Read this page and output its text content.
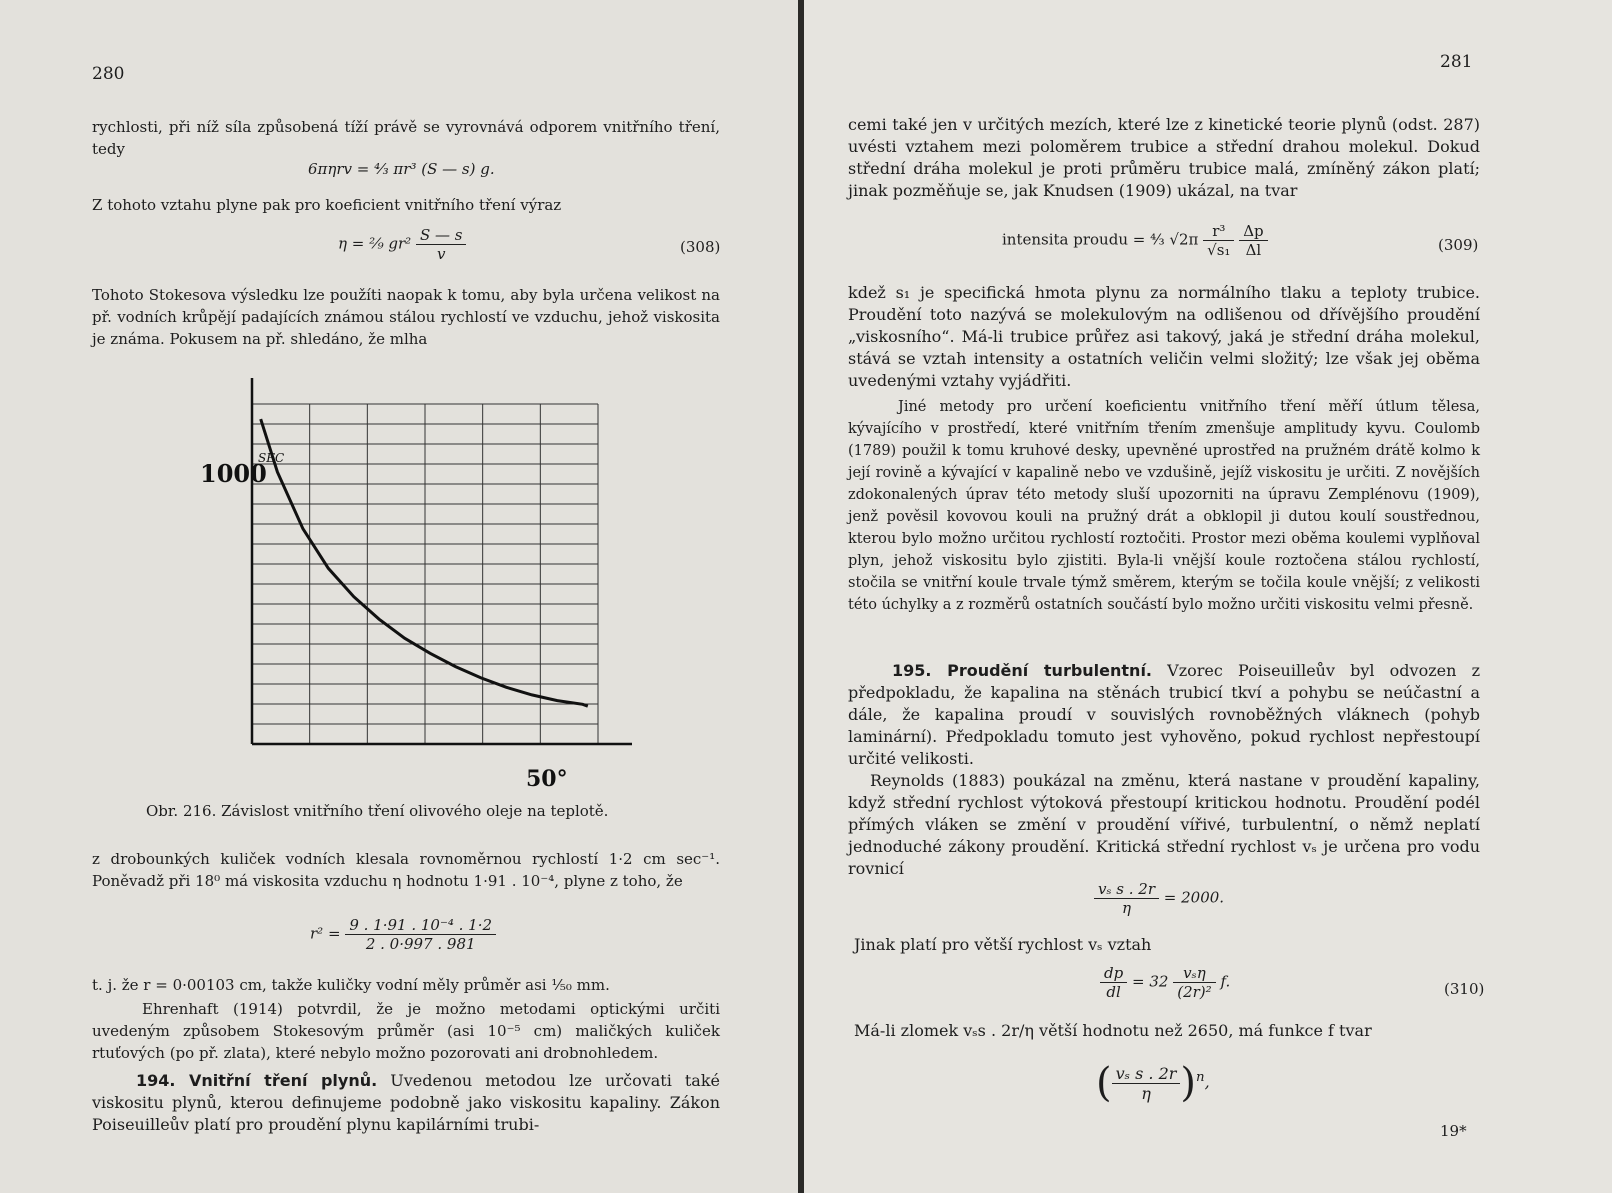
280

rychlosti, při níž síla způsobená tíží právě se vyrovnává odporem vnitřního tření, tedy

6πηrv = ⁴⁄₃ πr³ (S — s) g.

Z tohoto vztahu plyne pak pro koeficient vnitřního tření výraz

η = ²⁄₉ $gr^2 \frac{S — s}{v}$	(308)

Tohoto Stokesova výsledku lze použíti naopak k tomu, aby byla určena velikost na př. vodních krůpějí padajících známou stálou rychlostí ve vzduchu, jehož viskosita je známa. Pokusem na př. shledáno, že mlha

1000
SEC
50°
Obr. 216. Závislost vnitřního tření olivového oleje na teplotě.

z drobounkých kuliček vodních klesala rovnoměrnou rychlostí 1·2 cm sec⁻¹. Poněvadž při 18⁰ má viskosita vzduchu η hodnotu 1·91 . 10⁻⁴, plyne z toho, že

$r^2 = \frac{\text{9 . 1·91 . 10⁻⁴ . 1·2}}{2 . 0\cdot 997 . 981}$

t. j. že r = 0·00103 cm, takže kuličky vodní měly průměr asi ¹⁄₅₀ mm.

Ehrenhaft (1914) potvrdil, že je možno metodami optickými určiti uvedeným způsobem Stokesovým průměr (asi 10⁻⁵ cm) maličkých kuliček rtuťových (po př. zlata), které nebylo možno pozorovati ani drobnohledem.

194. Vnitřní tření plynů. Uvedenou metodou lze určovati také viskositu plynů, kterou definujeme podobně jako viskositu kapaliny. Zákon Poiseuilleův platí pro proudění plynu kapilárními trubi-

281

cemi také jen v určitých mezích, které lze z kinetické teorie plynů (odst. 287) uvésti vztahem mezi poloměrem trubice a střední drahou molekul. Dokud střední dráha molekul je proti průměru trubice malá, zmíněný zákon platí; jinak pozměňuje se, jak Knudsen (1909) ukázal, na tvar

intensita proudu = ⁴⁄₃ $√2\pi \frac{\text{r³}}{\text{√s₁}}$
$\frac{\Delta p}{\Delta l}$	(309)

kdež s₁ je specifická hmota plynu za normálního tlaku a teploty trubice. Proudění toto nazývá se molekulovým na odlišenou od dřívějšího proudění „viskosního“. Má-li trubice průřez asi takový, jaká je střední dráha molekul, stává se vztah intensity a ostatních veličin velmi složitý; lze však jej oběma uvedenými vztahy vyjádřiti.

Jiné metody pro určení koeficientu vnitřního tření měří útlum tělesa, kývajícího v prostředí, které vnitřním třením zmenšuje amplitudy kyvu. Coulomb (1789) použil k tomu kruhové desky, upevněné uprostřed na pružném drátě kolmo k její rovině a kývající v kapalině nebo ve vzdušině, jejíž viskositu je určiti. Z novějších zdokonalených úprav této metody sluší upozorniti na úpravu Zemplénovu (1909), jenž pověsil kovovou kouli na pružný drát a obklopil ji dutou koulí soustřednou, kterou bylo možno určitou rychlostí roztočiti. Prostor mezi oběma koulemi vyplňoval plyn, jehož viskositu bylo zjistiti. Byla-li vnější koule roztočena stálou rychlostí, stočila se vnitřní koule trvale týmž směrem, kterým se točila koule vnější; z velikosti této úchylky a z rozměrů ostatních součástí bylo možno určiti viskositu velmi přesně.

195. Proudění turbulentní. Vzorec Poiseuilleův byl odvozen z předpokladu, že kapalina na stěnách trubicí tkví a pohybu se neúčastní a dále, že kapalina proudí v souvislých rovnoběžných vláknech (pohyb laminární). Předpokladu tomuto jest vyhověno, pokud rychlost nepřestoupí určité velikosti.

Reynolds (1883) poukázal na změnu, která nastane v proudění kapaliny, když střední rychlost výtoková přestoupí kritickou hodnotu. Proudění podél přímých vláken se změní v proudění vířivé, turbulentní, o němž neplatí jednoduché zákony proudění. Kritická střední rychlost vₛ je určena pro vodu rovnicí

$\frac{\text{vₛ s . 2r}}{\eta} = 2000$.

Jinak platí pro větší rychlost vₛ vztah

$\frac{dp}{dl} = 32 \frac{\text{vₛη}}{\text{(2r)²}} f$.	(310)

Má-li zlomek vₛs . 2r/η větší hodnotu než 2650, má funkce f tvar

( $\frac{\text{vₛ s . 2r}}{\eta} )^n$,
19*
